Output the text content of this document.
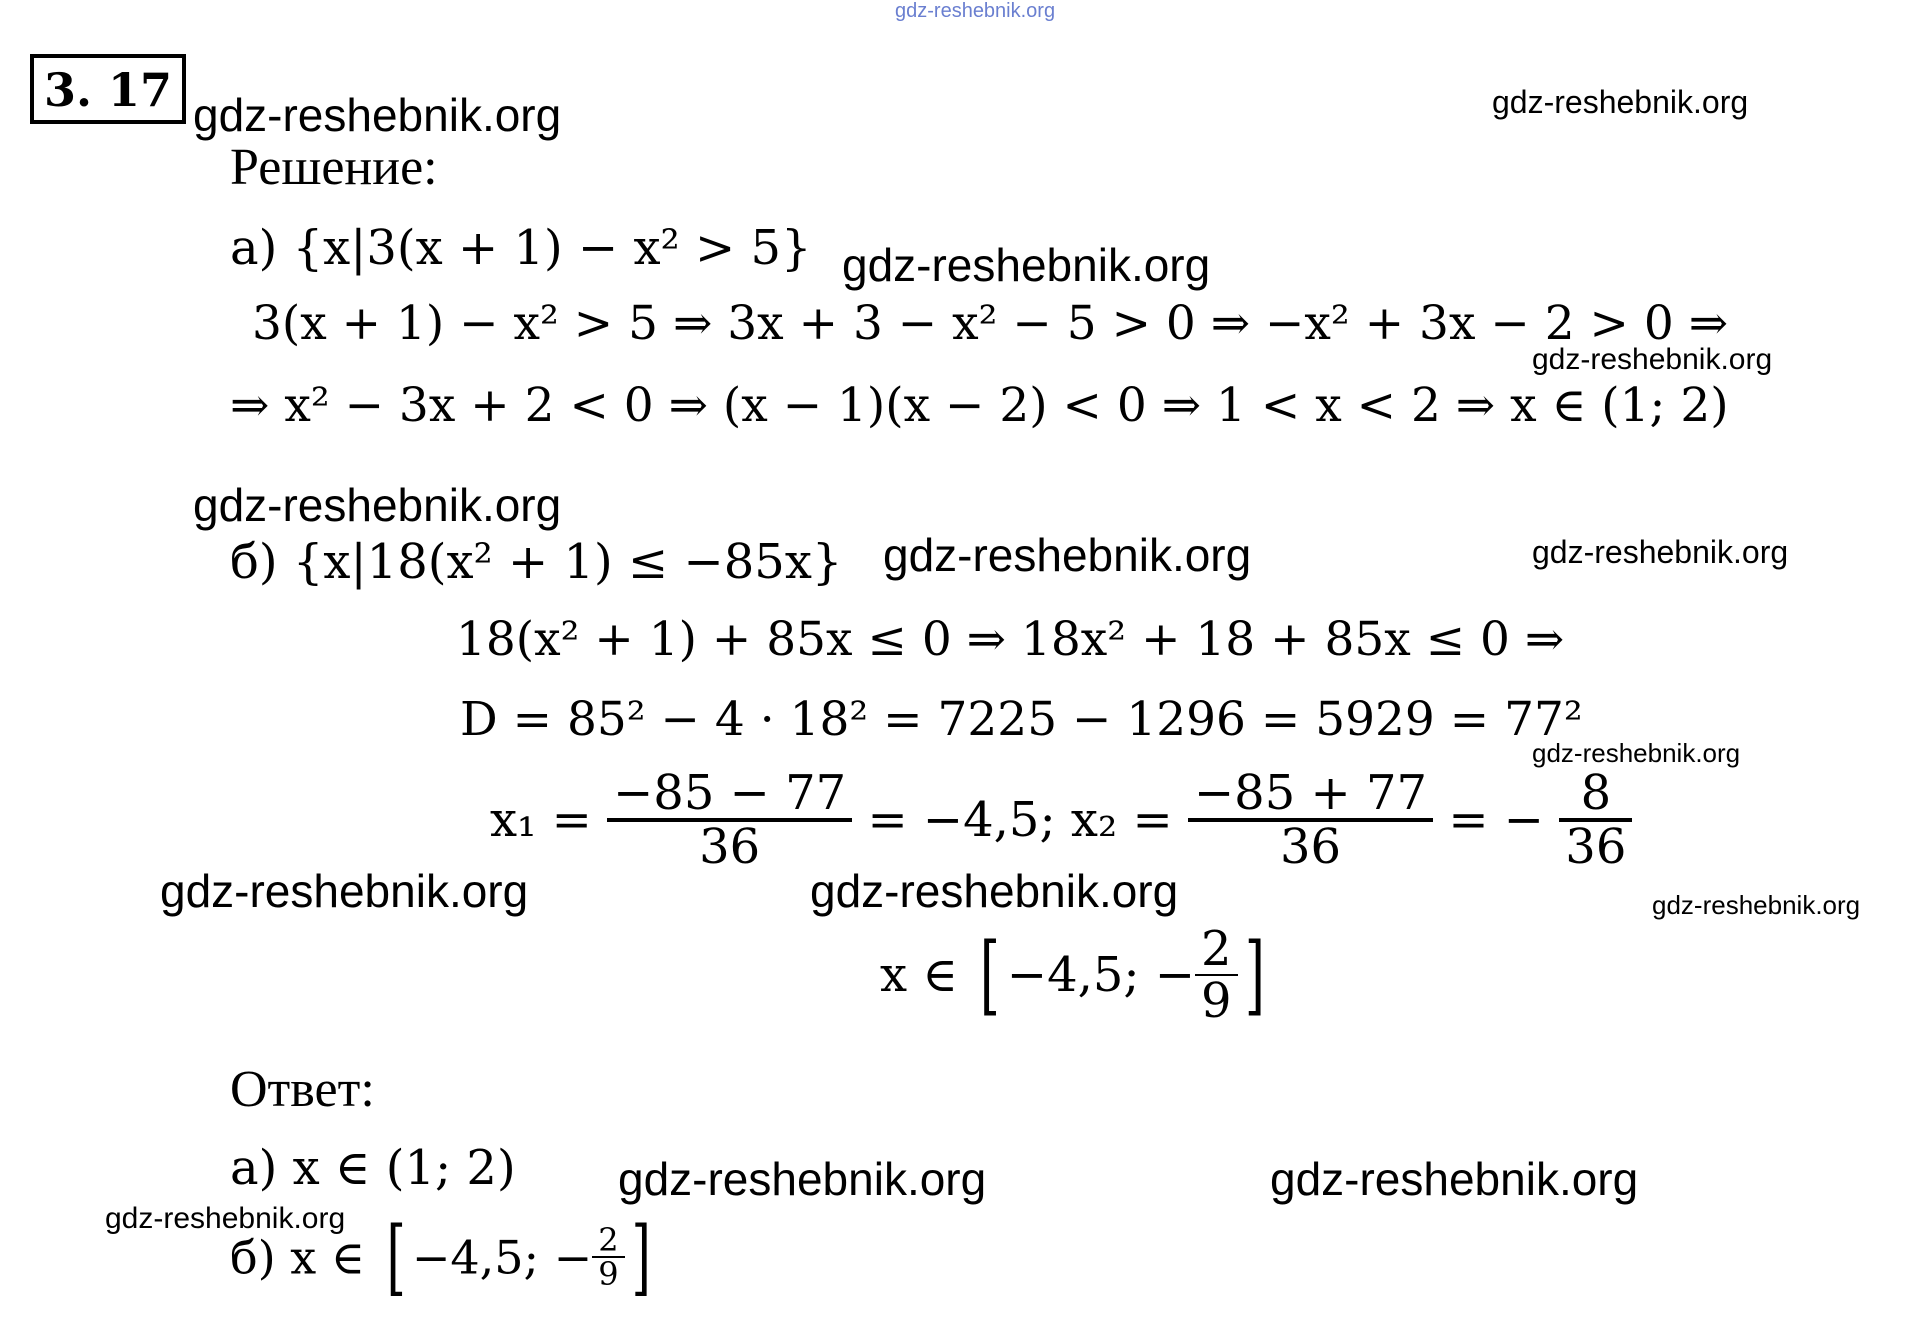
gdz-reshebnik.org
3. 17 gdz-reshebnik.org	gdz-reshebnik.org
gdz-reshebnik.org
gdz-reshebnik.org
gdz-reshebnik.org
gdz-reshebnik.org	gdz-reshebnik.org
gdz-reshebnik.org
gdz-reshebnik.org	gdz-reshebnik.org	gdz-reshebnik.org
gdz-reshebnik.org	gdz-reshebnik.org
gdz-reshebnik.org
Решение:
а) {x|3(x + 1) − x² > 5}
3(x + 1) − x² > 5 ⇒ 3x + 3 − x² − 5 > 0 ⇒ −x² + 3x − 2 > 0 ⇒
⇒ x² − 3x + 2 < 0 ⇒ (x − 1)(x − 2) < 0 ⇒ 1 < x < 2 ⇒ x ∈ (1; 2)
б) {x|18(x² + 1) ≤ −85x}
18(x² + 1) + 85x ≤ 0 ⇒ 18x² + 18 + 85x ≤ 0 ⇒
D = 85² − 4 · 18² = 7225 − 1296 = 5929 = 77²
$x_1 = \frac{-85 - 77}{36} = -4,5$; $x_2 = \frac{-85 + 77}{36}$ = − $\frac{8}{36}$
x ∈ [ −4,5; − $\frac{2}{9}$ ]
Ответ:
а) x ∈ (1; 2)
б) x ∈ [ −4,5; − $\frac{2}{9}$ ]
